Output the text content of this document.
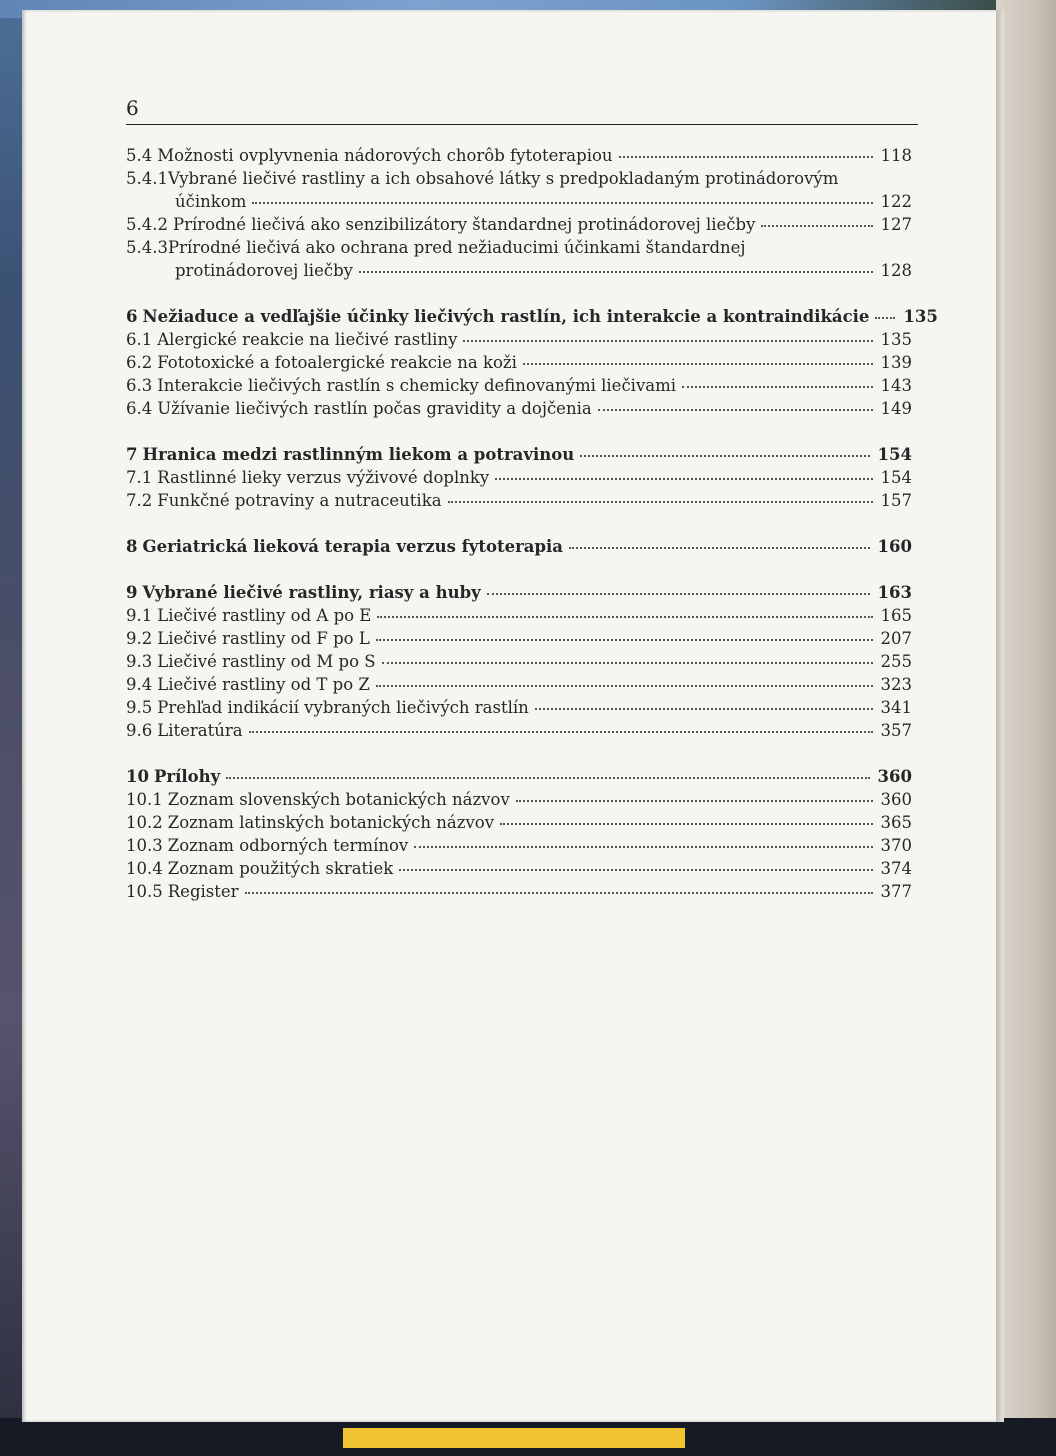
6
5.4 Možnosti ovplyvnenia nádorových chorôb fytoterapiou	118
5.4.1Vybrané liečivé rastliny a ich obsahové látky s predpokladaným protinádorovým
účinkom	122
5.4.2 Prírodné liečivá ako senzibilizátory štandardnej protinádorovej liečby	127
5.4.3Prírodné liečivá ako ochrana pred nežiaducimi účinkami štandardnej
protinádorovej liečby	128
6 Nežiaduce a vedľajšie účinky liečivých rastlín, ich interakcie a kontraindikácie 135
6.1 Alergické reakcie na liečivé rastliny	135
6.2 Fototoxické a fotoalergické reakcie na koži	139
6.3 Interakcie liečivých rastlín s chemicky definovanými liečivami	143
6.4 Užívanie liečivých rastlín počas gravidity a dojčenia	149
7 Hranica medzi rastlinným liekom a potravinou	154
7.1 Rastlinné lieky verzus výživové doplnky	154
7.2 Funkčné potraviny a nutraceutika	157
8 Geriatrická lieková terapia verzus fytoterapia	160
9 Vybrané liečivé rastliny, riasy a huby	163
9.1 Liečivé rastliny od A po E	165
9.2 Liečivé rastliny od F po L	207
9.3 Liečivé rastliny od M po S	255
9.4 Liečivé rastliny od T po Z	323
9.5 Prehľad indikácií vybraných liečivých rastlín	341
9.6 Literatúra	357
10 Prílohy	360
10.1 Zoznam slovenských botanických názvov	360
10.2 Zoznam latinských botanických názvov	365
10.3 Zoznam odborných termínov	370
10.4 Zoznam použitých skratiek	374
10.5 Register	377
